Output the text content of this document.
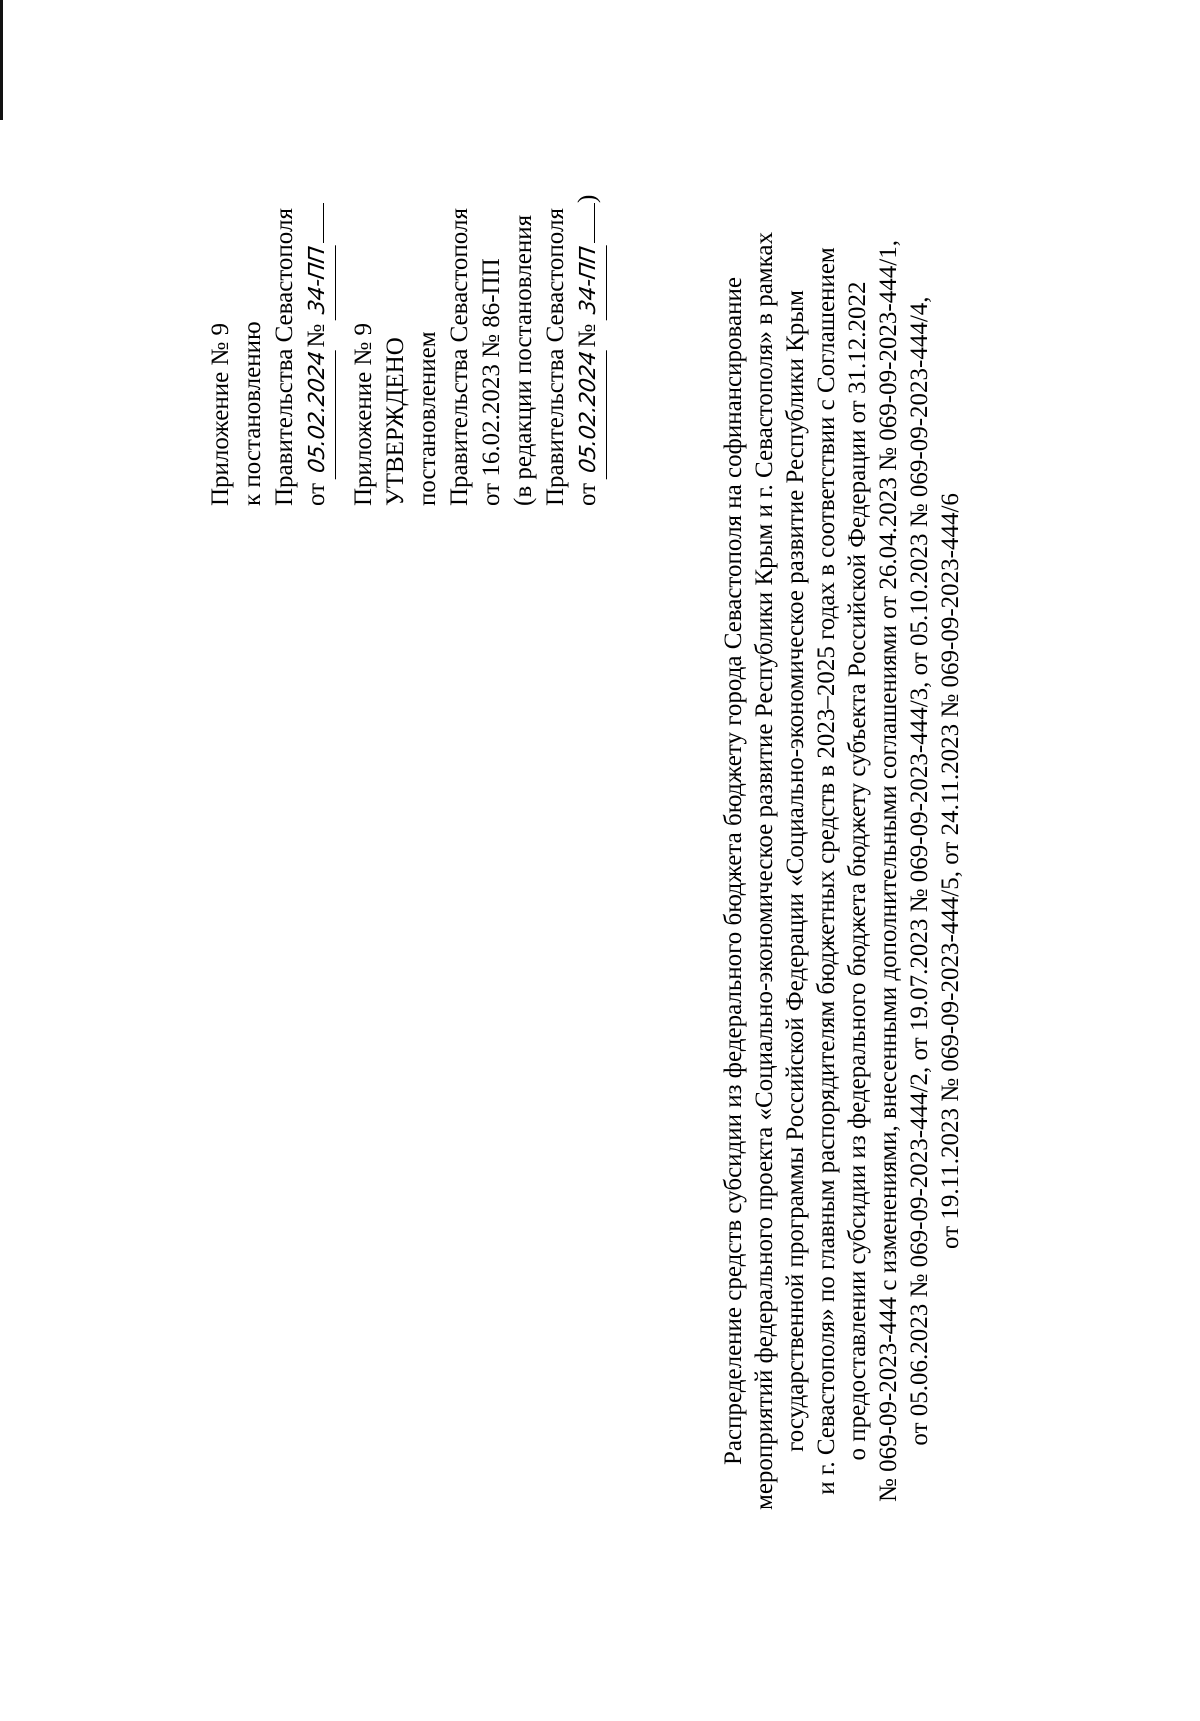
Приложение № 9 к постановлению Правительства Севастополя от 05.02.2024№ 34-ПП
Приложение № 9 УТВЕРЖДЕНО постановлением Правительства Севастополя от 16.02.2023 № 86-ПП (в редакции постановления Правительства Севастополя от 05.02.2024№ 34-ПП)
Распределение средств субсидии из федерального бюджета бюджету города Севастополя на софинансирование мероприятий федерального проекта «Социально-экономическое развитие Республики Крым и г. Севастополя» в рамках государственной программы Российской Федерации «Социально-экономическое развитие Республики Крым и г. Севастополя» по главным распорядителям бюджетных средств в 2023–2025 годах в соответствии с Соглашением о предоставлении субсидии из федерального бюджета бюджету субъекта Российской Федерации от 31.12.2022 № 069-09-2023-444 с изменениями, внесенными дополнительными соглашениями от 26.04.2023 № 069-09-2023-444/1, от 05.06.2023 № 069-09-2023-444/2, от 19.07.2023 № 069-09-2023-444/3, от 05.10.2023 № 069-09-2023-444/4, от 19.11.2023 № 069-09-2023-444/5, от 24.11.2023 № 069-09-2023-444/6
